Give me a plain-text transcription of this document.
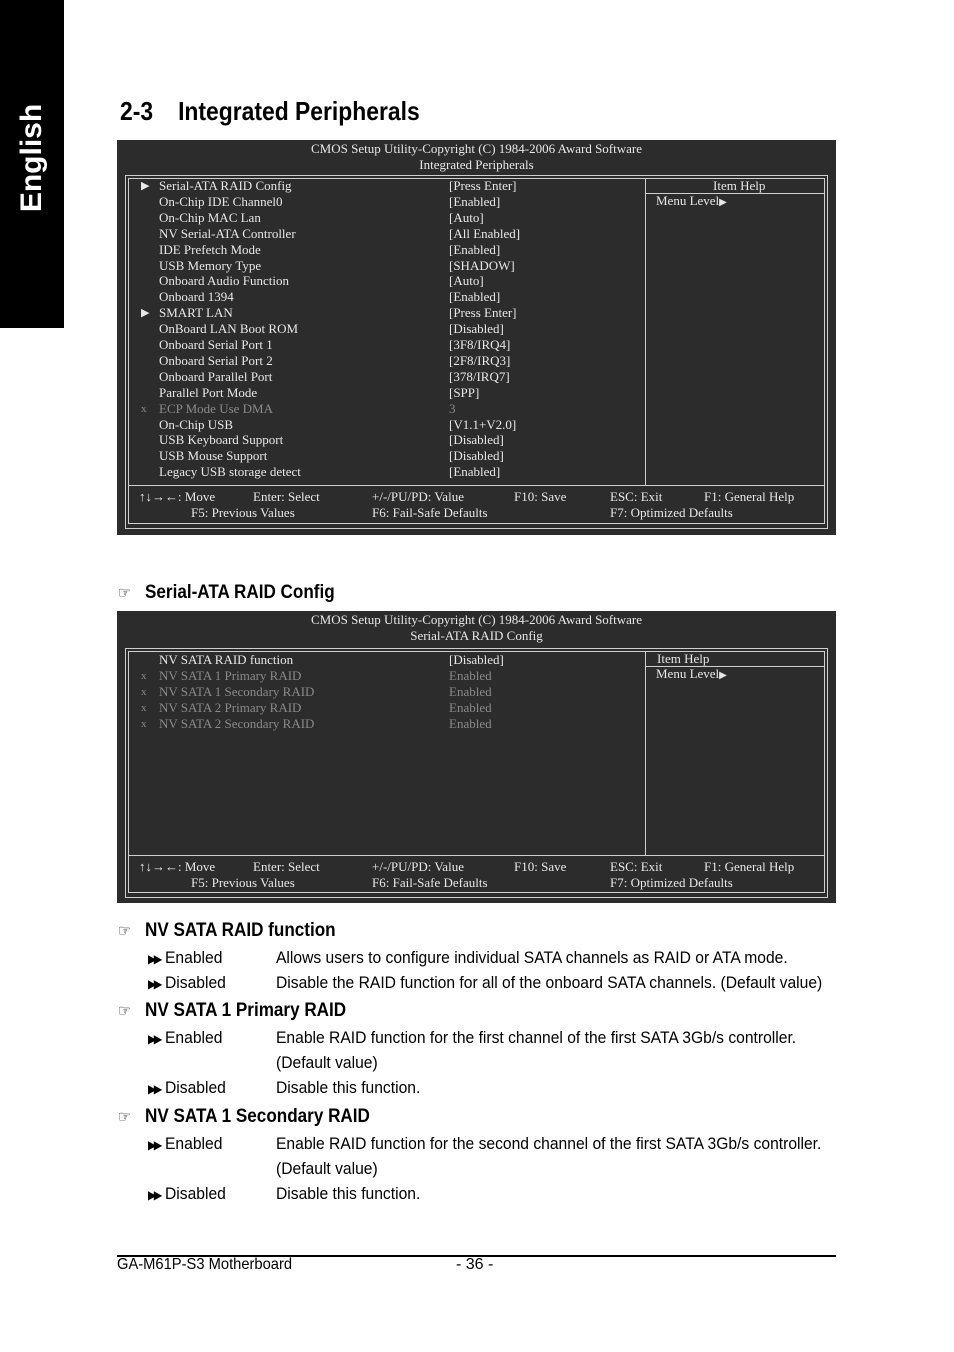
English	2-3 Integrated Peripherals
CMOS Setup Utility-Copyright (C) 1984-2006 Award Software
Integrated Peripherals
Item Help
Menu Level▶
▶ Serial-ATA RAID Config	[Press Enter]
On-Chip IDE Channel0	[Enabled]
On-Chip MAC Lan	[Auto]
NV Serial-ATA Controller	[All Enabled]
IDE Prefetch Mode	[Enabled]
USB Memory Type	[SHADOW]
Onboard Audio Function	[Auto]
Onboard 1394	[Enabled]
▶ SMART LAN	[Press Enter]
OnBoard LAN Boot ROM	[Disabled]
Onboard Serial Port 1	[3F8/IRQ4]
Onboard Serial Port 2	[2F8/IRQ3]
Onboard Parallel Port	[378/IRQ7]
Parallel Port Mode	[SPP]
x ECP Mode Use DMA	3
On-Chip USB	[V1.1+V2.0]
USB Keyboard Support	[Disabled]
USB Mouse Support	[Disabled]
Legacy USB storage detect	[Enabled]
↑↓→←: Move	Enter: Select	+/-/PU/PD: Value	F10: Save	ESC: Exit	F1: General Help
F5: Previous Values	F6: Fail-Safe Defaults	F7: Optimized Defaults
☞ Serial-ATA RAID Config
CMOS Setup Utility-Copyright (C) 1984-2006 Award Software
Serial-ATA RAID Config
Item Help
Menu Level▶
NV SATA RAID function	[Disabled]
x NV SATA 1 Primary RAID	Enabled
x NV SATA 1 Secondary RAID	Enabled
x NV SATA 2 Primary RAID	Enabled
x NV SATA 2 Secondary RAID	Enabled
↑↓→←: Move	Enter: Select	+/-/PU/PD: Value	F10: Save	ESC: Exit	F1: General Help
F5: Previous Values	F6: Fail-Safe Defaults	F7: Optimized Defaults
☞ NV SATA RAID function
▶▶ Enabled	Allows users to configure individual SATA channels as RAID or ATA mode.
▶▶ Disabled	Disable the RAID function for all of the onboard SATA channels. (Default value)
☞ NV SATA 1 Primary RAID
▶▶ Enabled	Enable RAID function for the first channel of the first SATA 3Gb/s controller.
(Default value)
▶▶ Disabled	Disable this function.
☞ NV SATA 1 Secondary RAID
▶▶ Enabled	Enable RAID function for the second channel of the first SATA 3Gb/s controller.
(Default value)
▶▶ Disabled	Disable this function.
GA-M61P-S3 Motherboard	- 36 -
